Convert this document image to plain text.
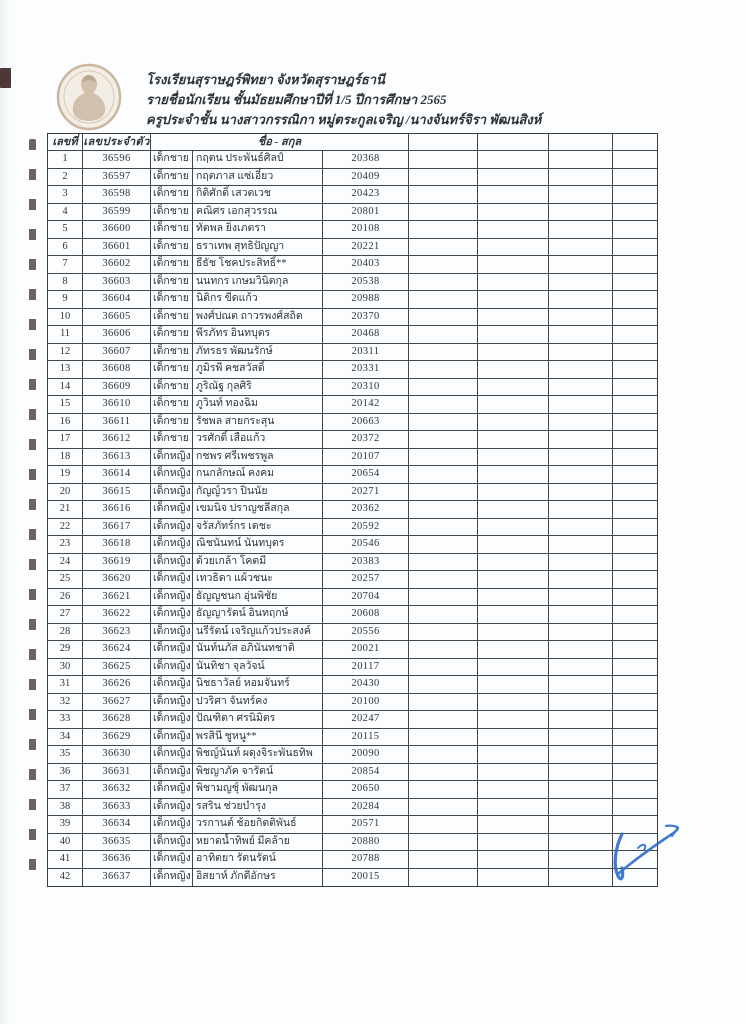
โรงเรียนสุราษฎร์พิทยา จังหวัดสุราษฎร์ธานี
รายชื่อนักเรียน ชั้นมัธยมศึกษาปีที่ 1/5 ปีการศึกษา 2565
ครูประจำชั้น นางสาวกรรณิกา หมู่ตระกูลเจริญ /นางจันทร์จิรา พัฒนสิงห์
เลขที่ เลขประจำตัว	ชื่อ - สกุล
1	36596	เด็กชาย กฤตน ประพันธ์ศิลป์	20368
2	36597	เด็กชาย กฤตภาส แซ่เอี๋ยว	20409
3	36598	เด็กชาย กิติศักดิ์ เสวตเวช	20423
4	36599	เด็กชาย คณิศร เอกสุวรรณ	20801
5	36600	เด็กชาย ทัตพล ยิ่งเภตรา	20108
6	36601	เด็กชาย ธราเทพ สุทธิปัญญา	20221
7	36602	เด็กชาย ธีธัช โชคประสิทธิ์**	20403
8	36603	เด็กชาย นนทกร เกษมวินิตกุล	20538
9	36604	เด็กชาย นิติกร ขีดแก้ว	20988
10	36605	เด็กชาย พงศ์ปณต ถาวรพงศ์สถิต	20370
11	36606	เด็กชาย พีรภัทร อินทบุตร	20468
12	36607	เด็กชาย ภัทรธร พัฒนรักษ์	20311
13	36608	เด็กชาย ภูมิรพี คชสวัสดิ์	20331
14	36609	เด็กชาย ภูริณัฐ กุลศิริ	20310
15	36610	เด็กชาย ภูวินท์ ทองฉิม	20142
16	36611	เด็กชาย รัชพล สายกระสุน	20663
17	36612	เด็กชาย วรศักดิ์ เสือแก้ว	20372
18	36613	เด็กหญิง กชพร ศรีเพชรพูล	20107
19	36614	เด็กหญิง กนกลักษณ์ คงคม	20654
20	36615	เด็กหญิง กัญญ์วรา ปิ่นนัย	20271
21	36616	เด็กหญิง เขมนิจ ปราญชลีสกุล	20362
22	36617	เด็กหญิง จรัสภัทร์กร เดชะ	20592
23	36618	เด็กหญิง ณิชนันทน์ นันทบุตร	20546
24	36619	เด็กหญิง ด้วยเกล้า โคตมี	20383
25	36620	เด็กหญิง เทวธิดา แผ้วชนะ	20257
26	36621	เด็กหญิง ธัญญชนก อุ่นพิชัย	20704
27	36622	เด็กหญิง ธัญญารัตน์ อินทฤกษ์	20608
28	36623	เด็กหญิง นรีรัตน์ เจริญแก้วประสงค์	20556
29	36624	เด็กหญิง นันท์นภัส อภินันทชาติ	20021
30	36625	เด็กหญิง นันทิชา จุลวัจน์	20117
31	36626	เด็กหญิง นิชธาวัลย์ หอมจันทร์	20430
32	36627	เด็กหญิง ปวริศา จันทร์คง	20100
33	36628	เด็กหญิง ปัณฑิตา ศรนิมิตร	20247
34	36629	เด็กหญิง พรสินี ชูหนู**	20115
35	36630	เด็กหญิง พิชญ์นันท์ ผดุงจิระพันธทิพ	20090
36	36631	เด็กหญิง พิชญาภัค จารัตน์	20854
37	36632	เด็กหญิง พิชามญชุ์ พัฒนกุล	20650
38	36633	เด็กหญิง รสริน ช่วยบำรุง	20284
39	36634	เด็กหญิง วรกานต์ ช้อยกิตติพันธ์	20571
40	36635	เด็กหญิง หยาดน้ำทิพย์ มีคล้าย	20880
41	36636	เด็กหญิง อาทิตยา รัตนรัตน์	20788
42	36637	เด็กหญิง อิสยาห์ ภักดีอักษร	20015
